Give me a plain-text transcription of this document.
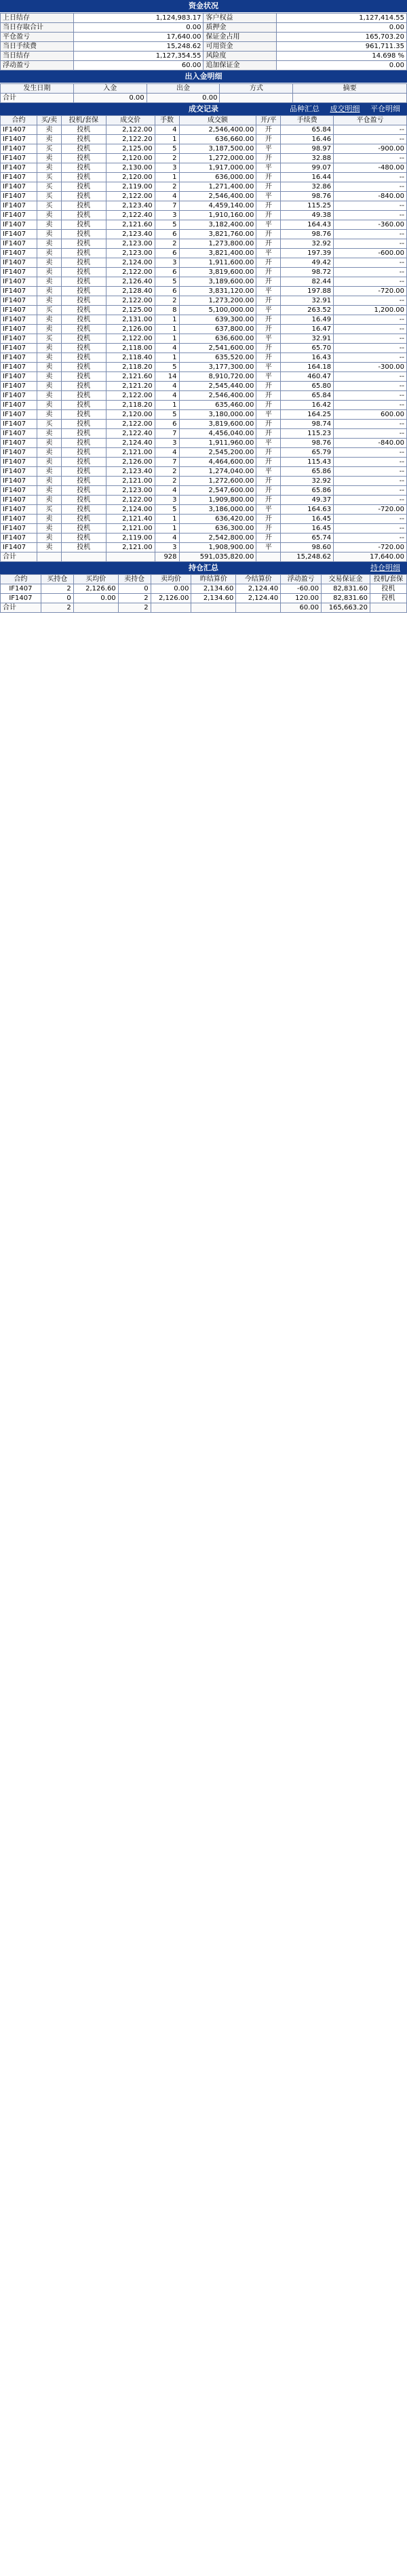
资金状况
上日结存	1,124,983.17	客户权益	1,127,414.55
当日存取合计	0.00	质押金	0.00
平仓盈亏	17,640.00	保证金占用	165,703.20
当日手续费	15,248.62	可用资金	961,711.35
当日结存	1,127,354.55	风险度	14.698 %
浮动盈亏	60.00	追加保证金	0.00
出入金明细
发生日期	入金	出金	方式	摘要
合计	0.00	0.00		
成交记录	品种汇总 成交明细 平仓明细
合约	买/卖	投机/套保	成交价	手数	成交额	开/平	手续费	平仓盈亏
IF1407	卖	投机	2,122.00	4	2,546,400.00	开	65.84	--
IF1407	卖	投机	2,122.20	1	636,660.00	开	16.46	--
IF1407	买	投机	2,125.00	5	3,187,500.00	平	98.97	-900.00
IF1407	卖	投机	2,120.00	2	1,272,000.00	开	32.88	--
IF1407	卖	投机	2,130.00	3	1,917,000.00	平	99.07	-480.00
IF1407	买	投机	2,120.00	1	636,000.00	开	16.44	--
IF1407	买	投机	2,119.00	2	1,271,400.00	开	32.86	--
IF1407	买	投机	2,122.00	4	2,546,400.00	平	98.76	-840.00
IF1407	买	投机	2,123.40	7	4,459,140.00	开	115.25	--
IF1407	卖	投机	2,122.40	3	1,910,160.00	开	49.38	--
IF1407	卖	投机	2,121.60	5	3,182,400.00	平	164.43	-360.00
IF1407	卖	投机	2,123.40	6	3,821,760.00	开	98.76	--
IF1407	卖	投机	2,123.00	2	1,273,800.00	开	32.92	--
IF1407	卖	投机	2,123.00	6	3,821,400.00	平	197.39	-600.00
IF1407	卖	投机	2,124.00	3	1,911,600.00	开	49.42	--
IF1407	卖	投机	2,122.00	6	3,819,600.00	开	98.72	--
IF1407	卖	投机	2,126.40	5	3,189,600.00	开	82.44	--
IF1407	卖	投机	2,128.40	6	3,831,120.00	平	197.88	-720.00
IF1407	卖	投机	2,122.00	2	1,273,200.00	开	32.91	--
IF1407	买	投机	2,125.00	8	5,100,000.00	平	263.52	1,200.00
IF1407	卖	投机	2,131.00	1	639,300.00	开	16.49	--
IF1407	卖	投机	2,126.00	1	637,800.00	开	16.47	--
IF1407	买	投机	2,122.00	1	636,600.00	平	32.91	--
IF1407	卖	投机	2,118.00	4	2,541,600.00	开	65.70	--
IF1407	卖	投机	2,118.40	1	635,520.00	开	16.43	--
IF1407	卖	投机	2,118.20	5	3,177,300.00	平	164.18	-300.00
IF1407	卖	投机	2,121.60	14	8,910,720.00	平	460.47	--
IF1407	卖	投机	2,121.20	4	2,545,440.00	开	65.80	--
IF1407	卖	投机	2,122.00	4	2,546,400.00	开	65.84	--
IF1407	卖	投机	2,118.20	1	635,460.00	开	16.42	--
IF1407	卖	投机	2,120.00	5	3,180,000.00	平	164.25	600.00
IF1407	买	投机	2,122.00	6	3,819,600.00	开	98.74	--
IF1407	卖	投机	2,122.40	7	4,456,040.00	开	115.23	--
IF1407	卖	投机	2,124.40	3	1,911,960.00	平	98.76	-840.00
IF1407	卖	投机	2,121.00	4	2,545,200.00	开	65.79	--
IF1407	卖	投机	2,126.00	7	4,464,600.00	开	115.43	--
IF1407	卖	投机	2,123.40	2	1,274,040.00	平	65.86	--
IF1407	卖	投机	2,121.00	2	1,272,600.00	开	32.92	--
IF1407	卖	投机	2,123.00	4	2,547,600.00	开	65.86	--
IF1407	卖	投机	2,122.00	3	1,909,800.00	开	49.37	--
IF1407	买	投机	2,124.00	5	3,186,000.00	平	164.63	-720.00
IF1407	卖	投机	2,121.40	1	636,420.00	开	16.45	--
IF1407	卖	投机	2,121.00	1	636,300.00	开	16.45	--
IF1407	卖	投机	2,119.00	4	2,542,800.00	开	65.74	--
IF1407	卖	投机	2,121.00	3	1,908,900.00	平	98.60	-720.00
合计				928	591,035,820.00		15,248.62	17,640.00
持仓汇总	持仓明细
合约	买持仓	买均价	卖持仓	卖均价	昨结算价	今结算价	浮动盈亏	交易保证金	投机/套保
IF1407	2	2,126.60	0	0.00	2,134.60	2,124.40	-60.00	82,831.60	投机
IF1407	0	0.00	2	2,126.00	2,134.60	2,124.40	120.00	82,831.60	投机
合计	2		2				60.00	165,663.20	
